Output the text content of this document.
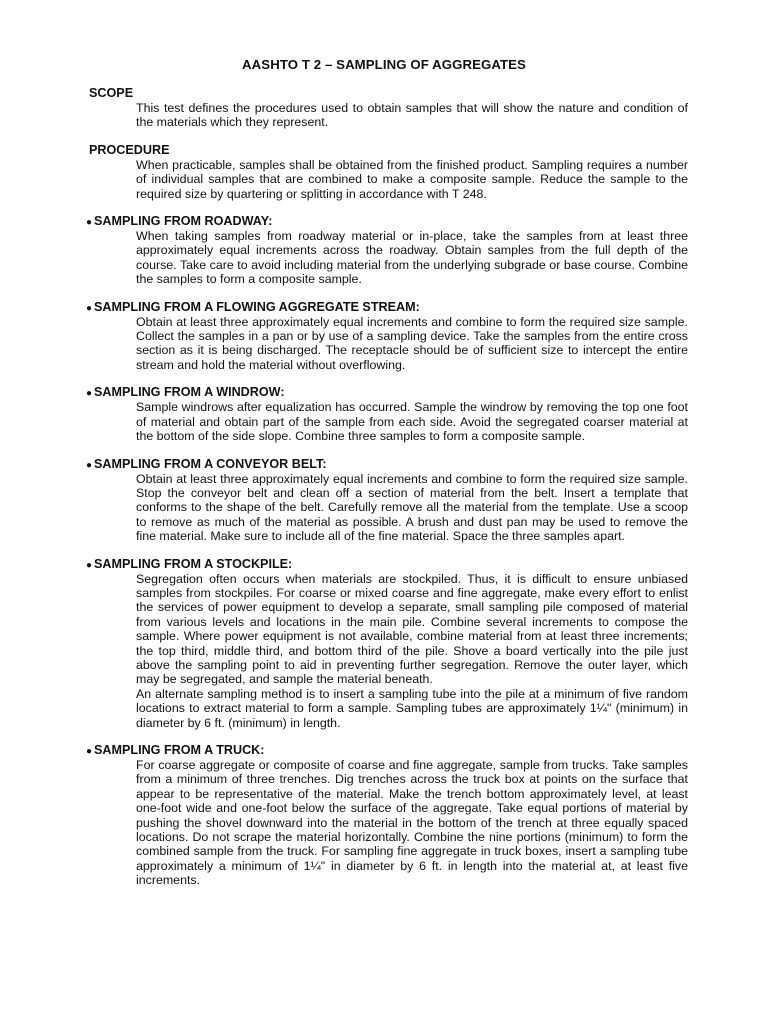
AASHTO T 2 – SAMPLING OF AGGREGATES
SCOPE

This test defines the procedures used to obtain samples that will show the nature and condition of the materials which they represent.

PROCEDURE

When practicable, samples shall be obtained from the finished product. Sampling requires a number of individual samples that are combined to make a composite sample. Reduce the sample to the required size by quartering or splitting in accordance with T 248.

● SAMPLING FROM ROADWAY:

When taking samples from roadway material or in-place, take the samples from at least three approximately equal increments across the roadway. Obtain samples from the full depth of the course. Take care to avoid including material from the underlying subgrade or base course. Combine the samples to form a composite sample.

● SAMPLING FROM A FLOWING AGGREGATE STREAM:

Obtain at least three approximately equal increments and combine to form the required size sample. Collect the samples in a pan or by use of a sampling device. Take the samples from the entire cross section as it is being discharged. The receptacle should be of sufficient size to intercept the entire stream and hold the material without overflowing.

● SAMPLING FROM A WINDROW:

Sample windrows after equalization has occurred. Sample the windrow by removing the top one foot of material and obtain part of the sample from each side. Avoid the segregated coarser material at the bottom of the side slope. Combine three samples to form a composite sample.

● SAMPLING FROM A CONVEYOR BELT:

Obtain at least three approximately equal increments and combine to form the required size sample. Stop the conveyor belt and clean off a section of material from the belt. Insert a template that conforms to the shape of the belt. Carefully remove all the material from the template. Use a scoop to remove as much of the material as possible. A brush and dust pan may be used to remove the fine material. Make sure to include all of the fine material. Space the three samples apart.

● SAMPLING FROM A STOCKPILE:

Segregation often occurs when materials are stockpiled. Thus, it is difficult to ensure unbiased samples from stockpiles. For coarse or mixed coarse and fine aggregate, make every effort to enlist the services of power equipment to develop a separate, small sampling pile composed of material from various levels and locations in the main pile. Combine several increments to compose the sample. Where power equipment is not available, combine material from at least three increments; the top third, middle third, and bottom third of the pile. Shove a board vertically into the pile just above the sampling point to aid in preventing further segregation. Remove the outer layer, which may be segregated, and sample the material beneath.

An alternate sampling method is to insert a sampling tube into the pile at a minimum of five random locations to extract material to form a sample. Sampling tubes are approximately 1¼" (minimum) in diameter by 6 ft. (minimum) in length.

● SAMPLING FROM A TRUCK:

For coarse aggregate or composite of coarse and fine aggregate, sample from trucks. Take samples from a minimum of three trenches. Dig trenches across the truck box at points on the surface that appear to be representative of the material. Make the trench bottom approximately level, at least one-foot wide and one-foot below the surface of the aggregate. Take equal portions of material by pushing the shovel downward into the material in the bottom of the trench at three equally spaced locations. Do not scrape the material horizontally. Combine the nine portions (minimum) to form the combined sample from the truck. For sampling fine aggregate in truck boxes, insert a sampling tube approximately a minimum of 1¼" in diameter by 6 ft. in length into the material at, at least five increments.
